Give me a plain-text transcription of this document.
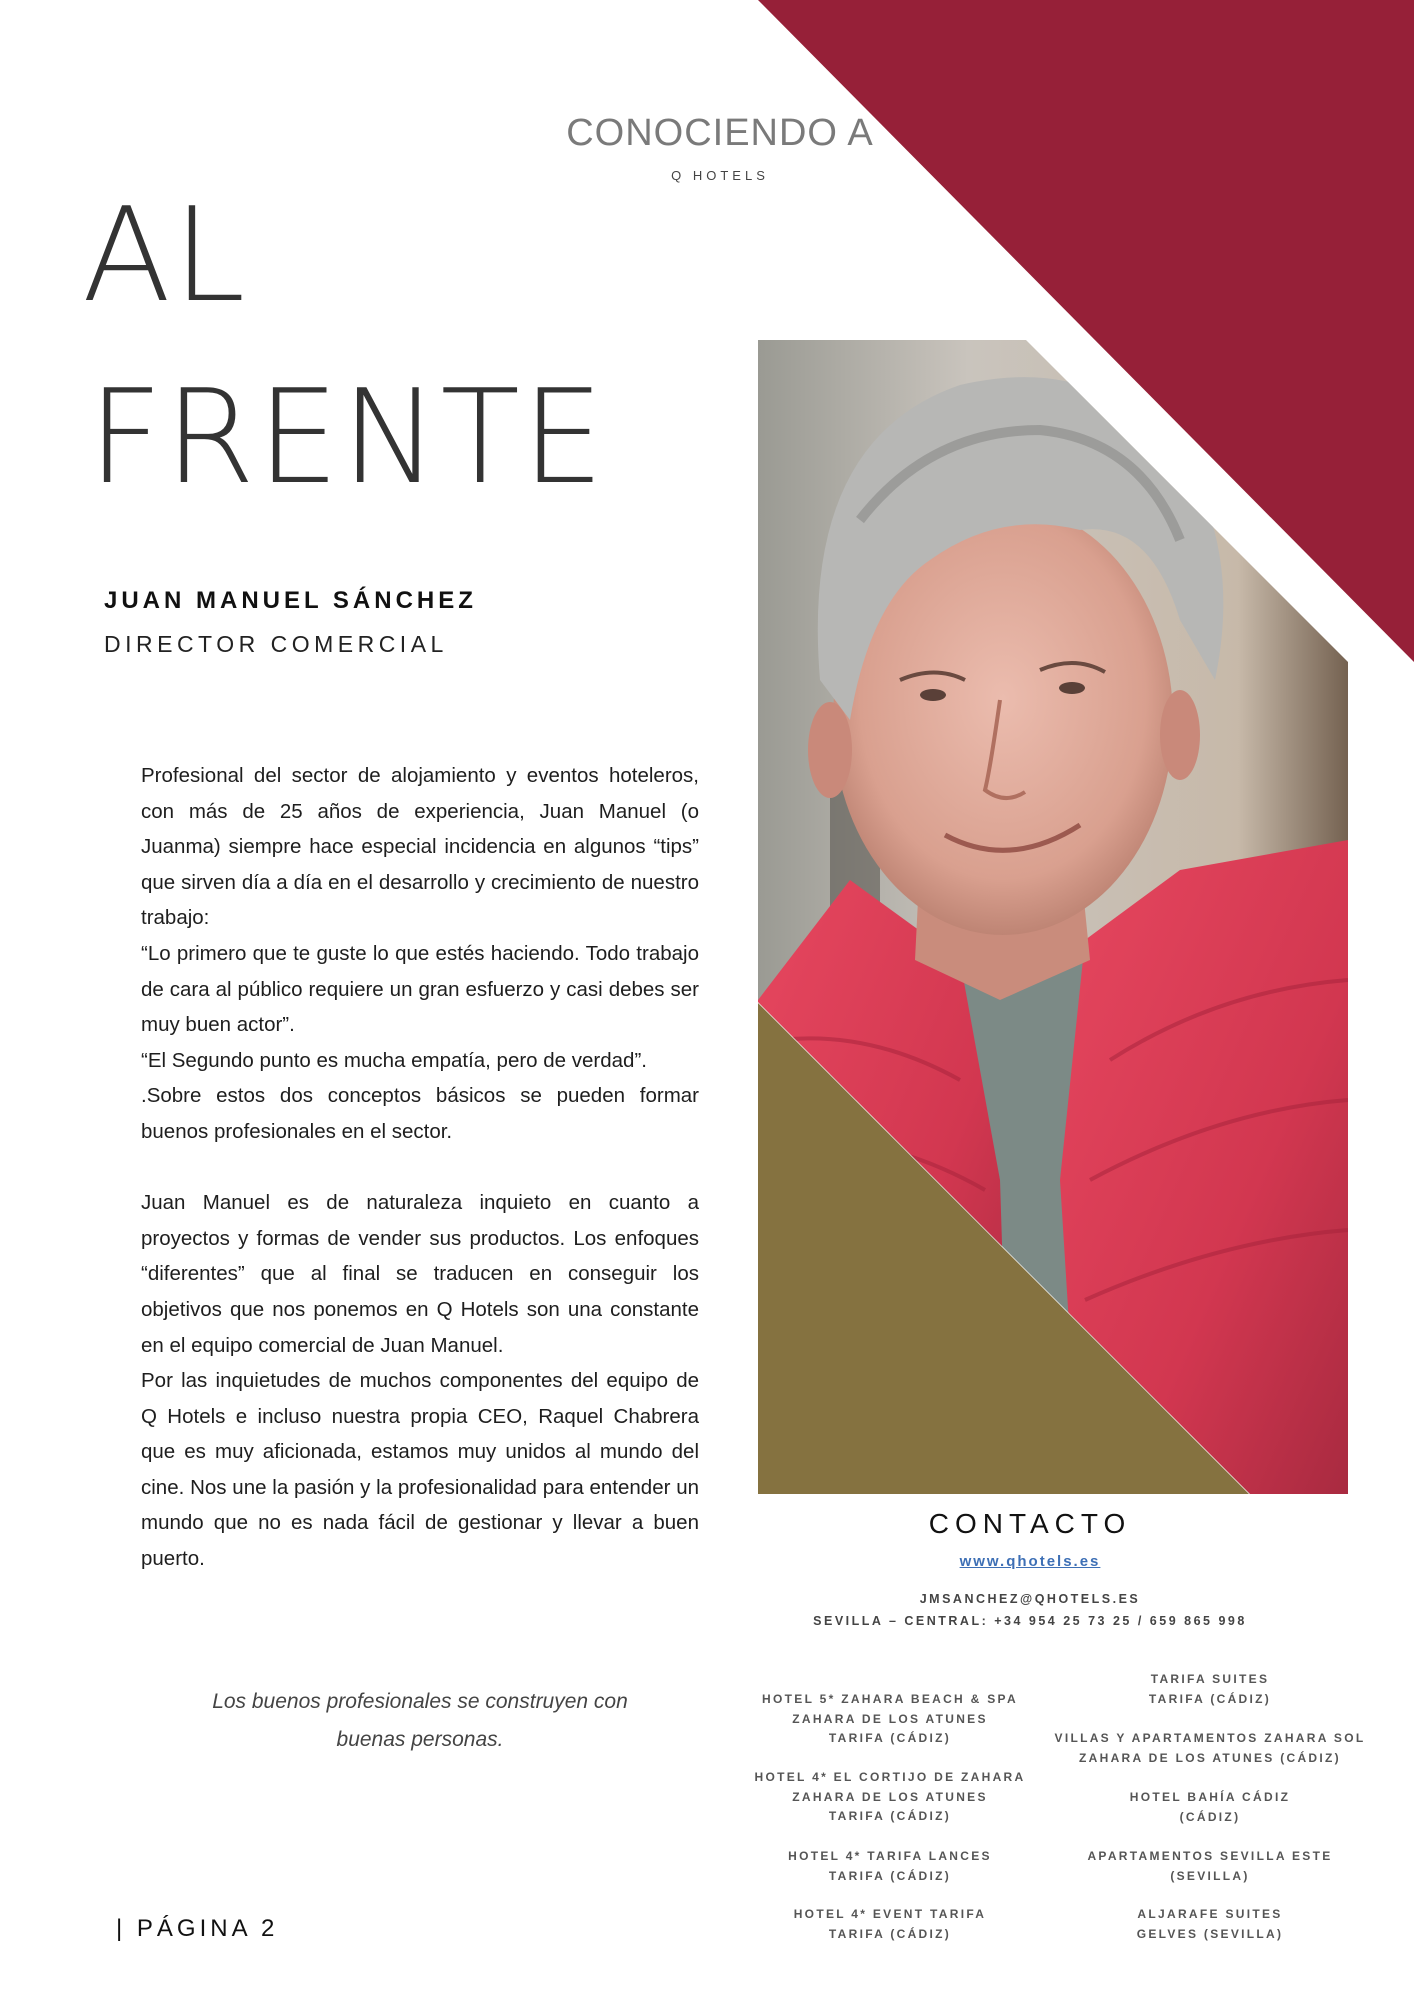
CONOCIENDO A
Q HOTELS
AL
FRENTE
JUAN MANUEL SÁNCHEZ
DIRECTOR COMERCIAL

Profesional del sector de alojamiento y eventos hoteleros, con más de 25 años de experiencia, Juan Manuel (o Juanma) siempre hace especial incidencia en algunos “tips” que sirven día a día en el desarrollo y crecimiento de nuestro trabajo:

“Lo primero que te guste lo que estés haciendo. Todo trabajo de cara al público requiere un gran esfuerzo y casi debes ser muy buen actor”.

“El Segundo punto es mucha empatía, pero de verdad”.

.Sobre estos dos conceptos básicos se pueden formar buenos profesionales en el sector.

Juan Manuel es de naturaleza inquieto en cuanto a proyectos y formas de vender sus productos. Los enfoques “diferentes” que al final se traducen en conseguir los objetivos que nos ponemos en Q Hotels son una constante en el equipo comercial de Juan Manuel.

Por las inquietudes de muchos componentes del equipo de Q Hotels e incluso nuestra propia CEO, Raquel Chabrera que es muy aficionada, estamos muy unidos al mundo del cine. Nos une la pasión y la profesionalidad para entender un mundo que no es nada fácil de gestionar y llevar a buen puerto.

Los buenos profesionales se construyen con
buenas personas.
| PÁGINA 2
CONTACTO
www.qhotels.es
JMSANCHEZ@QHOTELS.ES
SEVILLA – CENTRAL: +34 954 25 73 25 / 659 865 998
HOTEL 5* ZAHARA BEACH & SPA
ZAHARA DE LOS ATUNES
TARIFA (CÁDIZ)
HOTEL 4* EL CORTIJO DE ZAHARA
ZAHARA DE LOS ATUNES
TARIFA (CÁDIZ)
HOTEL 4* TARIFA LANCES
TARIFA (CÁDIZ)
HOTEL 4* EVENT TARIFA
TARIFA (CÁDIZ)
TARIFA SUITES
TARIFA (CÁDIZ)
VILLAS Y APARTAMENTOS ZAHARA SOL
ZAHARA DE LOS ATUNES (CÁDIZ)
HOTEL BAHÍA CÁDIZ
(CÁDIZ)
APARTAMENTOS SEVILLA ESTE
(SEVILLA)
ALJARAFE SUITES
GELVES (SEVILLA)
